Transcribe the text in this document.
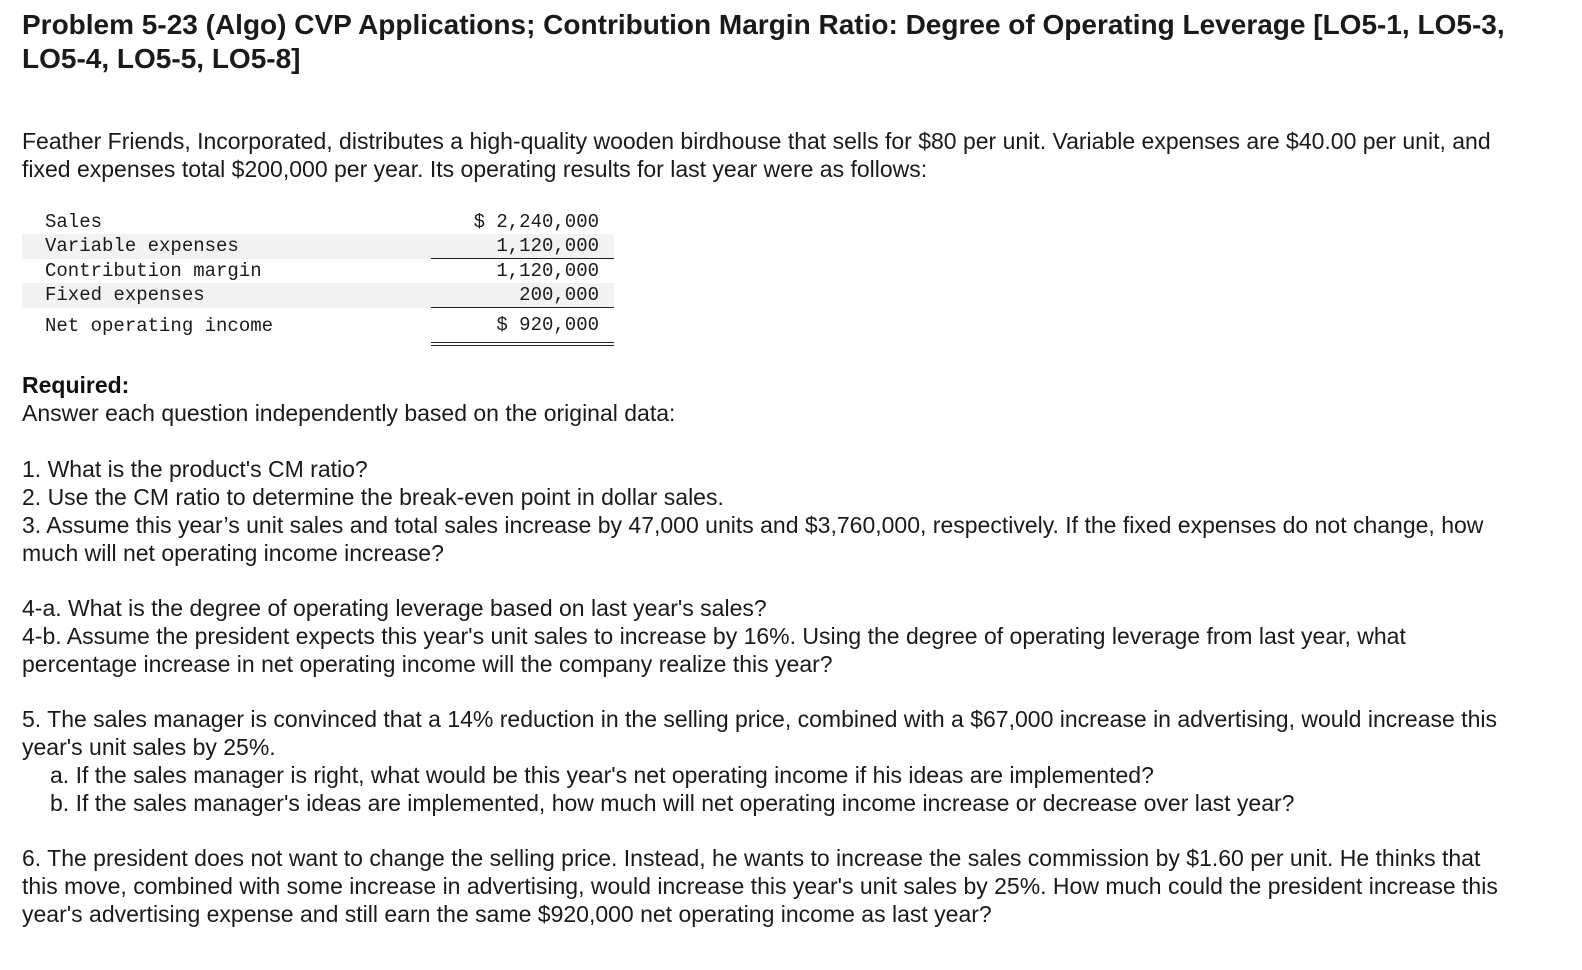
Problem 5-23 (Algo) CVP Applications; Contribution Margin Ratio: Degree of Operating Leverage [LO5-1, LO5-3, LO5-4, LO5-5, LO5-8]

Feather Friends, Incorporated, distributes a high-quality wooden birdhouse that sells for $80 per unit. Variable expenses are $40.00 per unit, and fixed expenses total $200,000 per year. Its operating results for last year were as follows:

Sales		$ 2,240,000
Variable expenses		1,120,000
Contribution margin		1,120,000
Fixed expenses		200,000
Net operating income		$ 920,000

Required:

Answer each question independently based on the original data:

1. What is the product's CM ratio?

2. Use the CM ratio to determine the break-even point in dollar sales.

3. Assume this year’s unit sales and total sales increase by 47,000 units and $3,760,000, respectively. If the fixed expenses do not change, how much will net operating income increase?

4-a. What is the degree of operating leverage based on last year's sales?

4-b. Assume the president expects this year's unit sales to increase by 16%. Using the degree of operating leverage from last year, what percentage increase in net operating income will the company realize this year?

5. The sales manager is convinced that a 14% reduction in the selling price, combined with a $67,000 increase in advertising, would increase this year's unit sales by 25%.

a. If the sales manager is right, what would be this year's net operating income if his ideas are implemented?

b. If the sales manager's ideas are implemented, how much will net operating income increase or decrease over last year?

6. The president does not want to change the selling price. Instead, he wants to increase the sales commission by $1.60 per unit. He thinks that this move, combined with some increase in advertising, would increase this year's unit sales by 25%. How much could the president increase this year's advertising expense and still earn the same $920,000 net operating income as last year?
